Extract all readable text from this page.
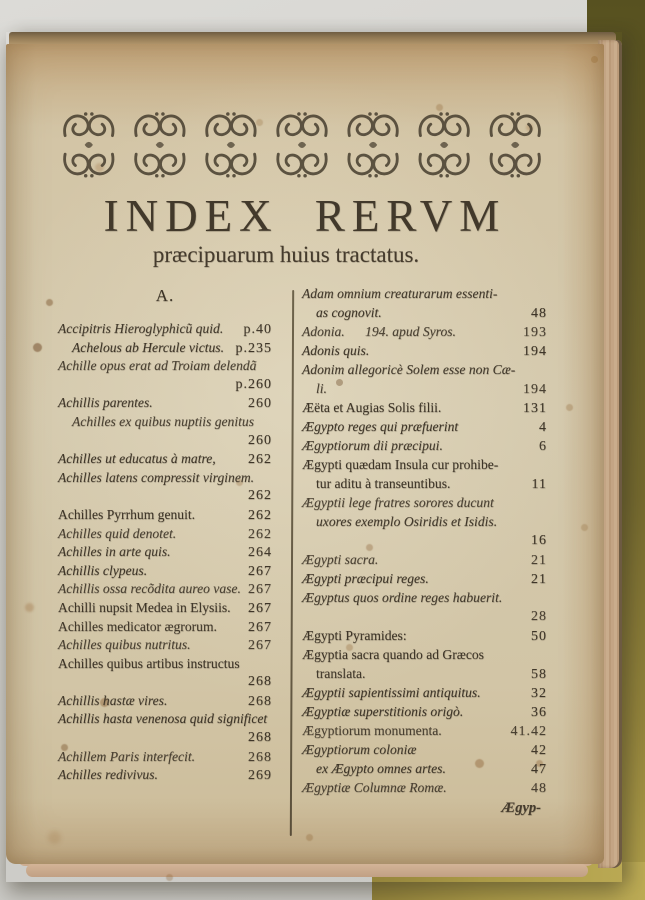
INDEX RERVM
præcipuarum huius tractatus.
A.
Accipitris Hieroglyphicũ quid.	p.40
Achelous ab Hercule victus. p.235
Achille opus erat ad Troiam delendã
p.260
Achillis parentes.	260
Achilles ex quibus nuptiis genitus
260
Achilles ut educatus à matre,	262
Achilles latens compressit virginem.
262
Achilles Pyrrhum genuit.	262
Achilles quid denotet.	262
Achilles in arte quis.	264
Achillis clypeus.	267
Achillis ossa recõdita aureo vase. 267
Achilli nupsit Medea in Elysiis.	267
Achilles medicator ægrorum.	267
Achilles quibus nutritus.	267
Achilles quibus artibus instructus
268
Achillis hastæ vires.	268
Achillis hasta venenosa quid significet
268
Achillem Paris interfecit.	268
Achilles redivivus.	269
Adam omnium creaturarum essenti-
as cognovit.	48
Adonia.      194. apud Syros.	193
Adonis quis.	194
Adonim allegoricè Solem esse non Cæ-
li.	194
Æëta et Augias Solis filii.	131
Ægypto reges qui præfuerint	4
Ægyptiorum dii præcipui.	6
Ægypti quædam Insula cur prohibe-
tur aditu à transeuntibus.	11
Ægyptii lege fratres sorores ducunt
uxores exemplo Osiridis et Isidis.
16
Ægypti sacra.	21
Ægypti præcipui reges.	21
Ægyptus quos ordine reges habuerit.
28
Ægypti Pyramides:	50
Ægyptia sacra quando ad Græcos
translata.	58
Ægyptii sapientissimi antiquitus.	32
Ægyptiæ superstitionis origò.	36
Ægyptiorum monumenta.	41.42
Ægyptiorum coloniæ	42
ex Ægypto omnes artes.	47
Ægyptiæ Columnæ Romæ.	48
Ægyp-
